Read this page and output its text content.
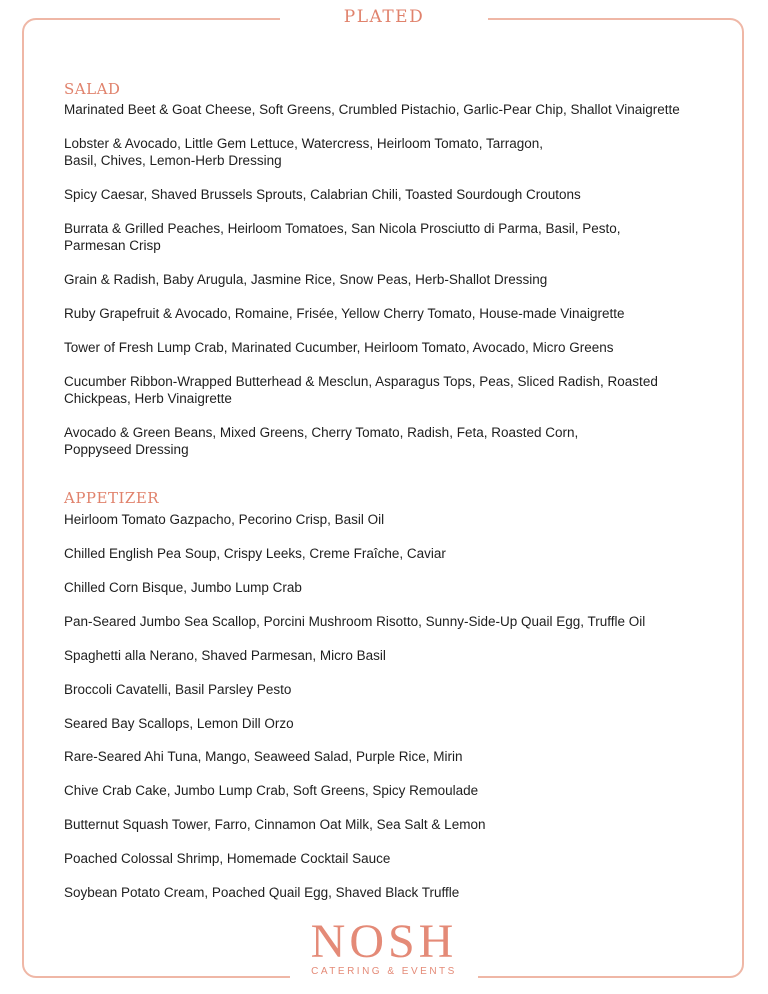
PLATED
SALAD
Marinated Beet & Goat Cheese, Soft Greens, Crumbled Pistachio, Garlic-Pear Chip, Shallot Vinaigrette
Lobster & Avocado, Little Gem Lettuce, Watercress, Heirloom Tomato, Tarragon,
Basil, Chives, Lemon-Herb Dressing
Spicy Caesar, Shaved Brussels Sprouts, Calabrian Chili, Toasted Sourdough Croutons
Burrata & Grilled Peaches, Heirloom Tomatoes, San Nicola Prosciutto di Parma, Basil, Pesto,
Parmesan Crisp
Grain & Radish, Baby Arugula, Jasmine Rice, Snow Peas, Herb-Shallot Dressing
Ruby Grapefruit & Avocado, Romaine, Frisée, Yellow Cherry Tomato, House-made Vinaigrette
Tower of Fresh Lump Crab, Marinated Cucumber, Heirloom Tomato, Avocado, Micro Greens
Cucumber Ribbon-Wrapped Butterhead & Mesclun, Asparagus Tops, Peas, Sliced Radish, Roasted
Chickpeas, Herb Vinaigrette
Avocado & Green Beans, Mixed Greens, Cherry Tomato, Radish, Feta, Roasted Corn,
Poppyseed Dressing
APPETIZER
Heirloom Tomato Gazpacho, Pecorino Crisp, Basil Oil
Chilled English Pea Soup, Crispy Leeks, Creme Fraîche, Caviar
Chilled Corn Bisque, Jumbo Lump Crab
Pan-Seared Jumbo Sea Scallop, Porcini Mushroom Risotto, Sunny-Side-Up Quail Egg, Truffle Oil
Spaghetti alla Nerano, Shaved Parmesan, Micro Basil
Broccoli Cavatelli, Basil Parsley Pesto
Seared Bay Scallops, Lemon Dill Orzo
Rare-Seared Ahi Tuna, Mango, Seaweed Salad, Purple Rice, Mirin
Chive Crab Cake, Jumbo Lump Crab, Soft Greens, Spicy Remoulade
Butternut Squash Tower, Farro, Cinnamon Oat Milk, Sea Salt & Lemon
Poached Colossal Shrimp, Homemade Cocktail Sauce
Soybean Potato Cream, Poached Quail Egg, Shaved Black Truffle
NOSH
CATERING & EVENTS
